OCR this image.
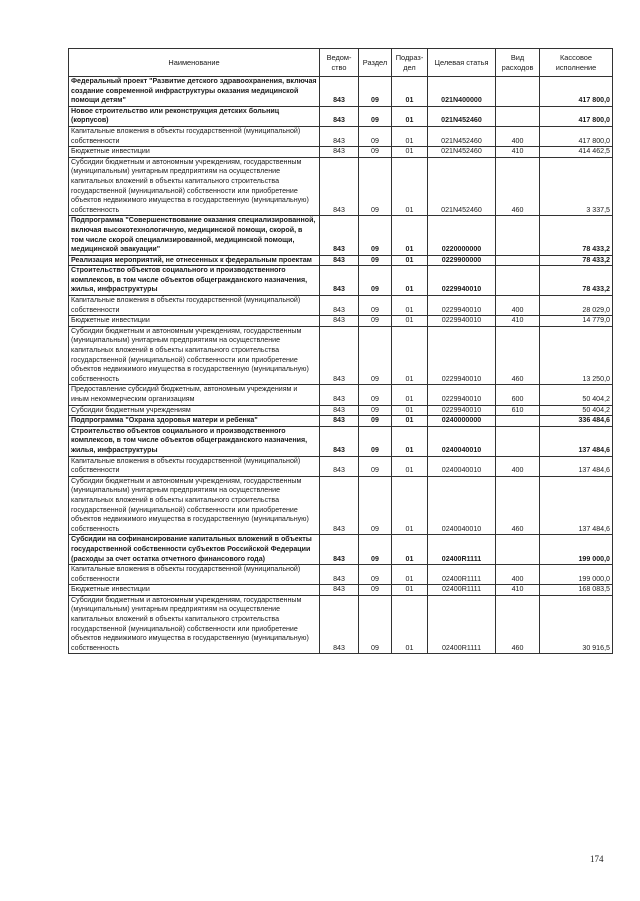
Наименование	Ведом-ство	Раздел	Подраз-дел	Целевая статья	Вид расходов	Кассовое исполнение
Федеральный проект "Развитие детского здравоохранения, включая создание современной инфраструктуры оказания медицинской помощи детям"	843	09	01	021N400000		417 800,0
Новое строительство или реконструкция детских больниц (корпусов)	843	09	01	021N452460		417 800,0
Капитальные вложения в объекты государственной (муниципальной) собственности	843	09	01	021N452460	400	417 800,0
Бюджетные инвестиции	843	09	01	021N452460	410	414 462,5
Субсидии бюджетным и автономным учреждениям, государственным (муниципальным) унитарным предприятиям на осуществление капитальных вложений в объекты капитального строительства государственной (муниципальной) собственности или приобретение объектов недвижимого имущества в государственную (муниципальную) собственность	843	09	01	021N452460	460	3 337,5
Подпрограмма "Совершенствование оказания специализированной, включая высокотехнологичную, медицинской помощи, скорой, в том числе скорой специализированной, медицинской помощи, медицинской эвакуации"	843	09	01	0220000000		78 433,2
Реализация мероприятий, не отнесенных к федеральным проектам	843	09	01	0229900000		78 433,2
Строительство объектов социального и производственного комплексов, в том числе объектов общегражданского назначения, жилья, инфраструктуры	843	09	01	0229940010		78 433,2
Капитальные вложения в объекты государственной (муниципальной) собственности	843	09	01	0229940010	400	28 029,0
Бюджетные инвестиции	843	09	01	0229940010	410	14 779,0
Субсидии бюджетным и автономным учреждениям, государственным (муниципальным) унитарным предприятиям на осуществление капитальных вложений в объекты капитального строительства государственной (муниципальной) собственности или приобретение объектов недвижимого имущества в государственную (муниципальную) собственность	843	09	01	0229940010	460	13 250,0
Предоставление субсидий бюджетным, автономным учреждениям и иным некоммерческим организациям	843	09	01	0229940010	600	50 404,2
Субсидии бюджетным учреждениям	843	09	01	0229940010	610	50 404,2
Подпрограмма "Охрана здоровья матери и ребенка"	843	09	01	0240000000		336 484,6
Строительство объектов социального и производственного комплексов, в том числе объектов общегражданского назначения, жилья, инфраструктуры	843	09	01	0240040010		137 484,6
Капитальные вложения в объекты государственной (муниципальной) собственности	843	09	01	0240040010	400	137 484,6
Субсидии бюджетным и автономным учреждениям, государственным (муниципальным) унитарным предприятиям на осуществление капитальных вложений в объекты капитального строительства государственной (муниципальной) собственности или приобретение объектов недвижимого имущества в государственную (муниципальную) собственность	843	09	01	0240040010	460	137 484,6
Субсидии на софинансирование капитальных вложений в объекты государственной собственности субъектов Российской Федерации (расходы за счет остатка отчетного финансового года)	843	09	01	02400R1111		199 000,0
Капитальные вложения в объекты государственной (муниципальной) собственности	843	09	01	02400R1111	400	199 000,0
Бюджетные инвестиции	843	09	01	02400R1111	410	168 083,5
Субсидии бюджетным и автономным учреждениям, государственным (муниципальным) унитарным предприятиям на осуществление капитальных вложений в объекты капитального строительства государственной (муниципальной) собственности или приобретение объектов недвижимого имущества в государственную (муниципальную) собственность	843	09	01	02400R1111	460	30 916,5
174
